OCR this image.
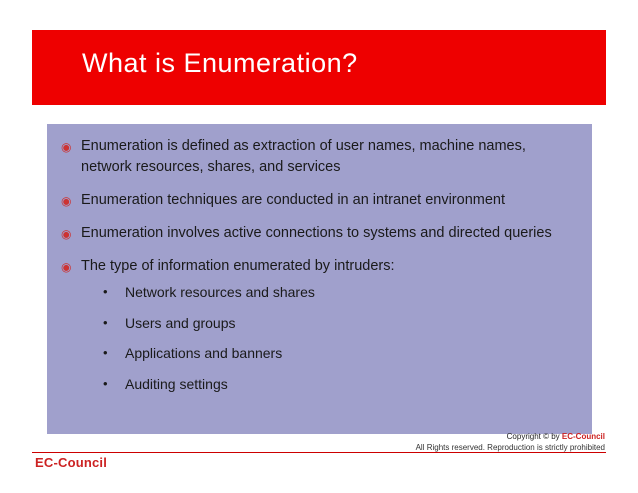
What is Enumeration?
◉ Enumeration is defined as extraction of user names, machine names, network resources, shares, and services
◉ Enumeration techniques are conducted in an intranet environment
◉ Enumeration involves active connections to systems and directed queries
◉ The type of information enumerated by intruders:
•	Network resources and shares
•	Users and groups
•	Applications and banners
•	Auditing settings
Copyright © by EC-Council
All Rights reserved. Reproduction is strictly prohibited
EC-Council
